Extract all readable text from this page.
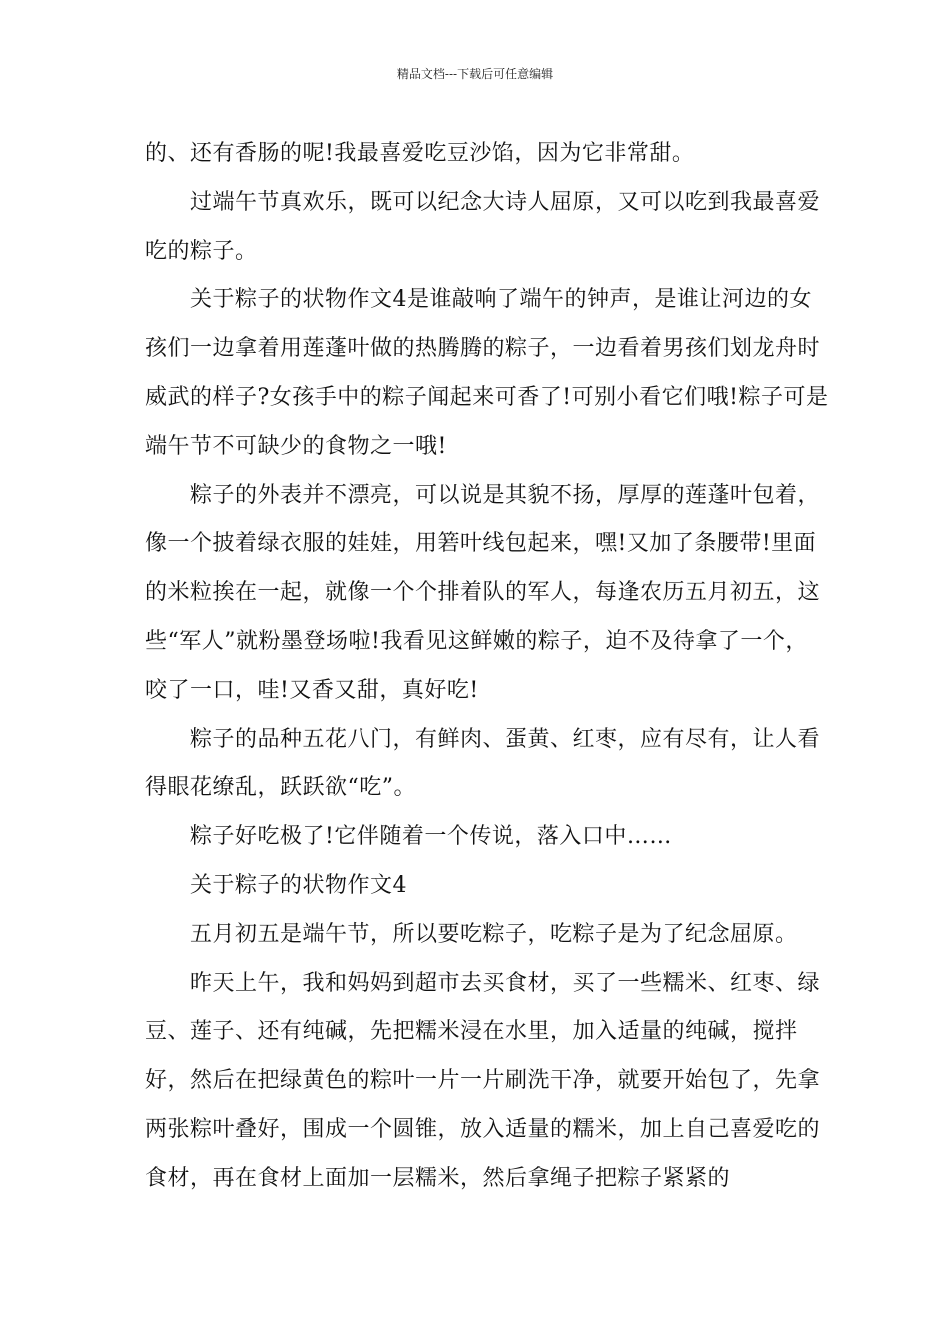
精品文档---下载后可任意编辑

的、还有香肠的呢!我最喜爱吃豆沙馅，因为它非常甜。

过端午节真欢乐，既可以纪念大诗人屈原，又可以吃到我最喜爱吃的粽子。

关于粽子的状物作文4是谁敲响了端午的钟声，是谁让河边的女孩们一边拿着用莲蓬叶做的热腾腾的粽子，一边看着男孩们划龙舟时威武的样子?女孩手中的粽子闻起来可香了!可别小看它们哦!粽子可是端午节不可缺少的食物之一哦!

粽子的外表并不漂亮，可以说是其貌不扬，厚厚的莲蓬叶包着，像一个披着绿衣服的娃娃，用箬叶线包起来，嘿!又加了条腰带!里面的米粒挨在一起，就像一个个排着队的军人，每逢农历五月初五，这些“军人”就粉墨登场啦!我看见这鲜嫩的粽子，迫不及待拿了一个，咬了一口，哇!又香又甜，真好吃!

粽子的品种五花八门，有鲜肉、蛋黄、红枣，应有尽有，让人看得眼花缭乱，跃跃欲“吃”。

粽子好吃极了!它伴随着一个传说，落入口中……

关于粽子的状物作文4

五月初五是端午节，所以要吃粽子，吃粽子是为了纪念屈原。

昨天上午，我和妈妈到超市去买食材，买了一些糯米、红枣、绿豆、莲子、还有纯碱，先把糯米浸在水里，加入适量的纯碱，搅拌好，然后在把绿黄色的粽叶一片一片刷洗干净，就要开始包了，先拿两张粽叶叠好，围成一个圆锥，放入适量的糯米，加上自己喜爱吃的食材，再在食材上面加一层糯米，然后拿绳子把粽子紧紧的
